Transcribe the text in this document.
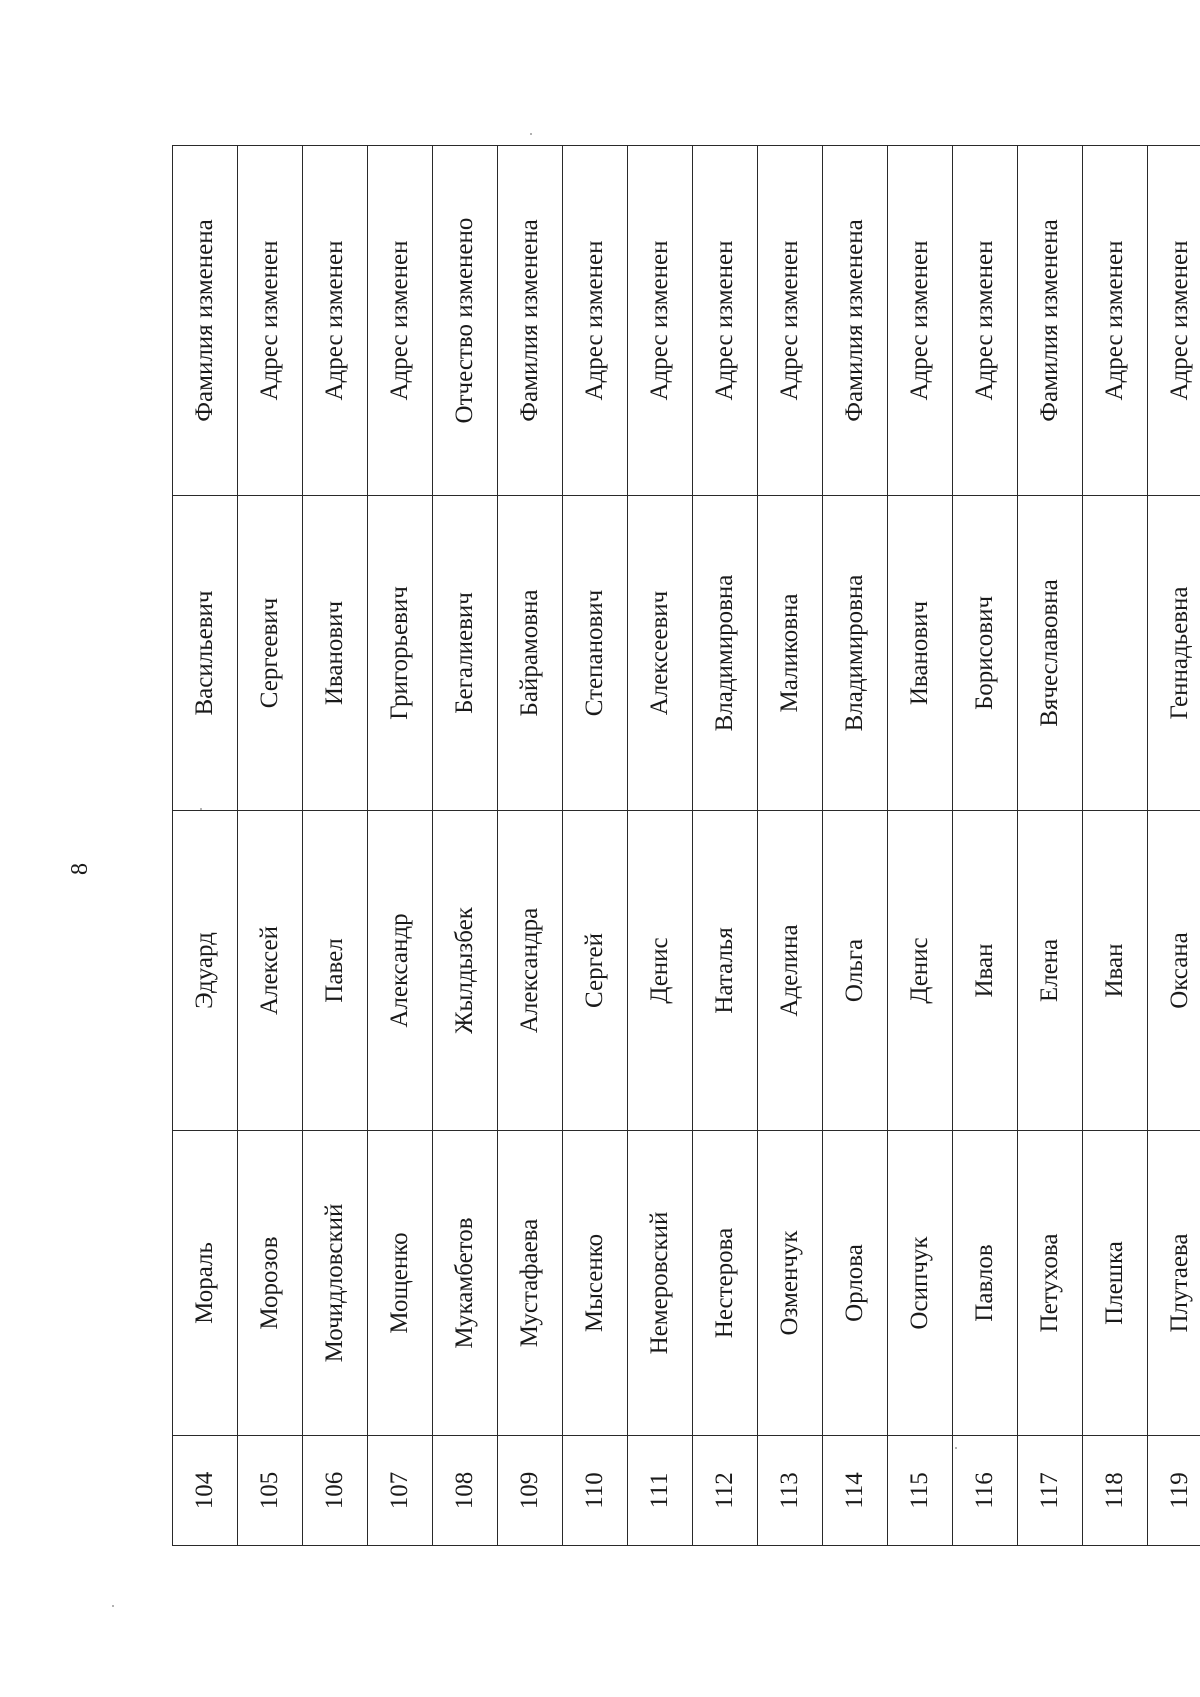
8
104	Мораль	Эдуард	Васильевич	Фамилия изменена
105	Морозов	Алексей	Сергеевич	Адрес изменен
106	Мочидловский	Павел	Иванович	Адрес изменен
107	Мощенко	Александр	Григорьевич	Адрес изменен
108	Мукамбетов	Жылдызбек	Бегалиевич	Отчество изменено
109	Мустафаева	Александра	Байрамовна	Фамилия изменена
110	Мысенко	Сергей	Степанович	Адрес изменен
111	Немеровский	Денис	Алексеевич	Адрес изменен
112	Нестерова	Наталья	Владимировна	Адрес изменен
113	Озменчук	Аделина	Маликовна	Адрес изменен
114	Орлова	Ольга	Владимировна	Фамилия изменена
115	Осипчук	Денис	Иванович	Адрес изменен
116	Павлов	Иван	Борисович	Адрес изменен
117	Петухова	Елена	Вячеславовна	Фамилия изменена
118	Плешка	Иван		Адрес изменен
119	Плутаева	Оксана	Геннадьевна	Адрес изменен
